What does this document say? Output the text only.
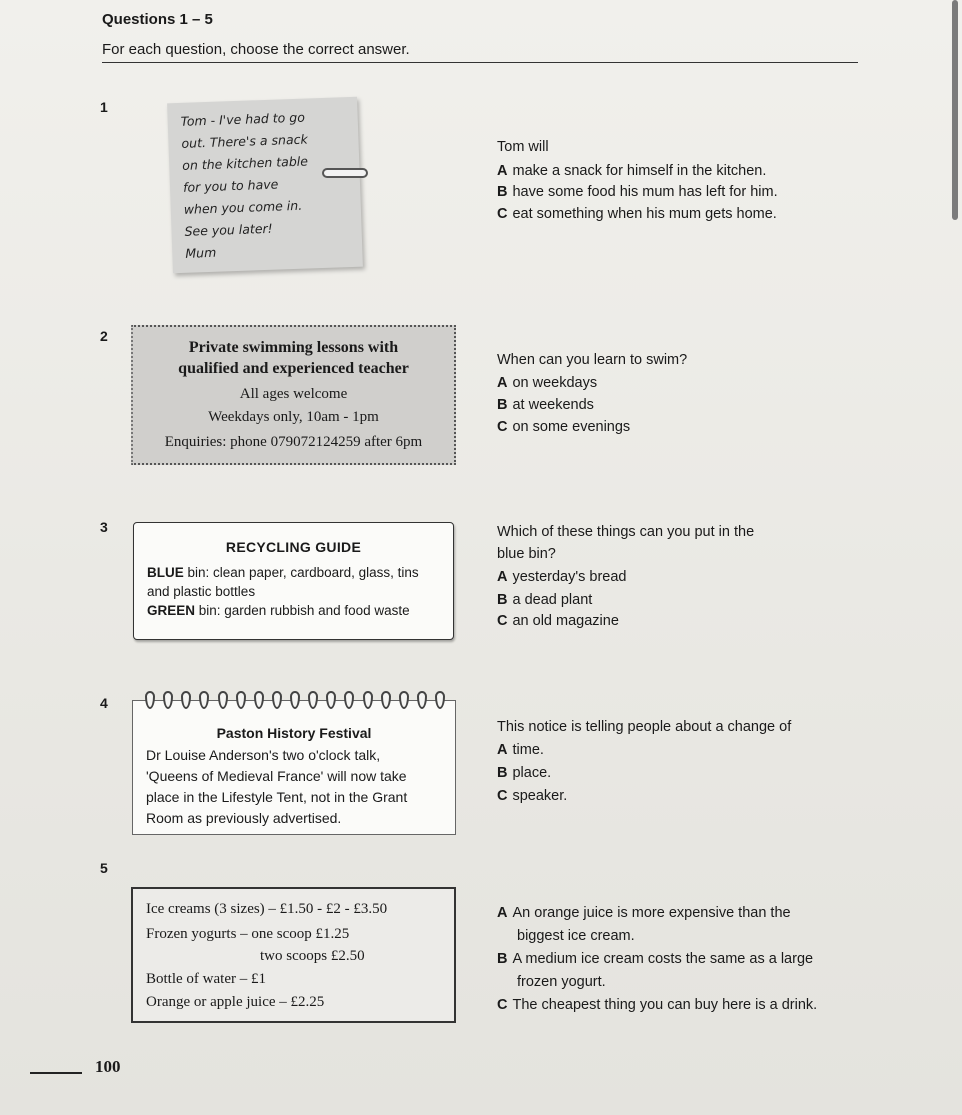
Questions 1 – 5
For each question, choose the correct answer.
1
Tom - I've had to go
out. There's a snack
on the kitchen table
for you to have
when you come in.
See you later!
Mum
Tom will
A make a snack for himself in the kitchen.
B have some food his mum has left for him.
C eat something when his mum gets home.
2
Private swimming lessons with
qualified and experienced teacher
All ages welcome
Weekdays only, 10am - 1pm
Enquiries: phone 079072124259 after 6pm
When can you learn to swim?
A on weekdays
B at weekends
C on some evenings
3
RECYCLING GUIDE
BLUE bin: clean paper, cardboard, glass, tins
and plastic bottles
GREEN bin: garden rubbish and food waste
Which of these things can you put in the
blue bin?
A yesterday's bread
B a dead plant
C an old magazine
4
Paston History Festival
Dr Louise Anderson's two o'clock talk,
'Queens of Medieval France' will now take
place in the Lifestyle Tent, not in the Grant
Room as previously advertised.
This notice is telling people about a change of
A time.
B place.
C speaker.
5
Ice creams (3 sizes) – £1.50 - £2 - £3.50
Frozen yogurts – one scoop £1.25
two scoops £2.50
Bottle of water – £1
Orange or apple juice – £2.25
A An orange juice is more expensive than the
biggest ice cream.
B A medium ice cream costs the same as a large
frozen yogurt.
C The cheapest thing you can buy here is a drink.
100
